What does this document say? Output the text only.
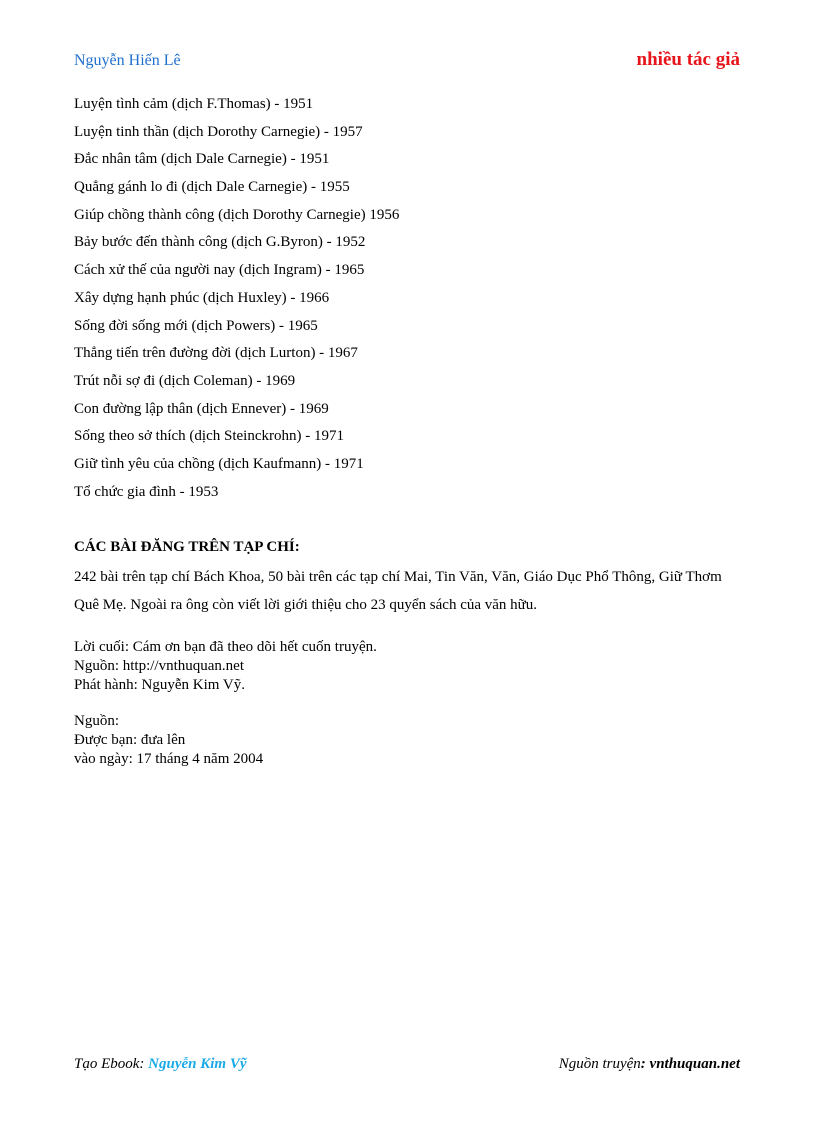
Nguyễn Hiến Lê	nhiều tác giả
Luyện tình cảm (dịch F.Thomas) - 1951
Luyện tinh thần (dịch Dorothy Carnegie) - 1957
Đắc nhân tâm (dịch Dale Carnegie) - 1951
Quẳng gánh lo đi (dịch Dale Carnegie) - 1955
Giúp chồng thành công (dịch Dorothy Carnegie) 1956
Bảy bước đến thành công (dịch G.Byron) - 1952
Cách xử thế của người nay (dịch Ingram) - 1965
Xây dựng hạnh phúc (dịch Huxley) - 1966
Sống đời sống mới (dịch Powers) - 1965
Thẳng tiến trên đường đời (dịch Lurton) - 1967
Trút nỗi sợ đi (dịch Coleman) - 1969
Con đường lập thân (dịch Ennever) - 1969
Sống theo sở thích (dịch Steinckrohn) - 1971
Giữ tình yêu của chồng (dịch Kaufmann) - 1971
Tổ chức gia đình - 1953
CÁC BÀI ĐĂNG TRÊN TẠP CHÍ:
242 bài trên tạp chí Bách Khoa, 50 bài trên các tạp chí Mai, Tin Văn, Văn, Giáo Dục Phổ Thông, Giữ Thơm Quê Mẹ. Ngoài ra ông còn viết lời giới thiệu cho 23 quyển sách của văn hữu.
Lời cuối: Cám ơn bạn đã theo dõi hết cuốn truyện.
Nguồn: http://vnthuquan.net
Phát hành: Nguyễn Kim Vỹ.
Nguồn:
Được bạn: đưa lên
vào ngày: 17 tháng 4 năm 2004
Tạo Ebook: Nguyễn Kim Vỹ	Nguồn truyện: vnthuquan.net
